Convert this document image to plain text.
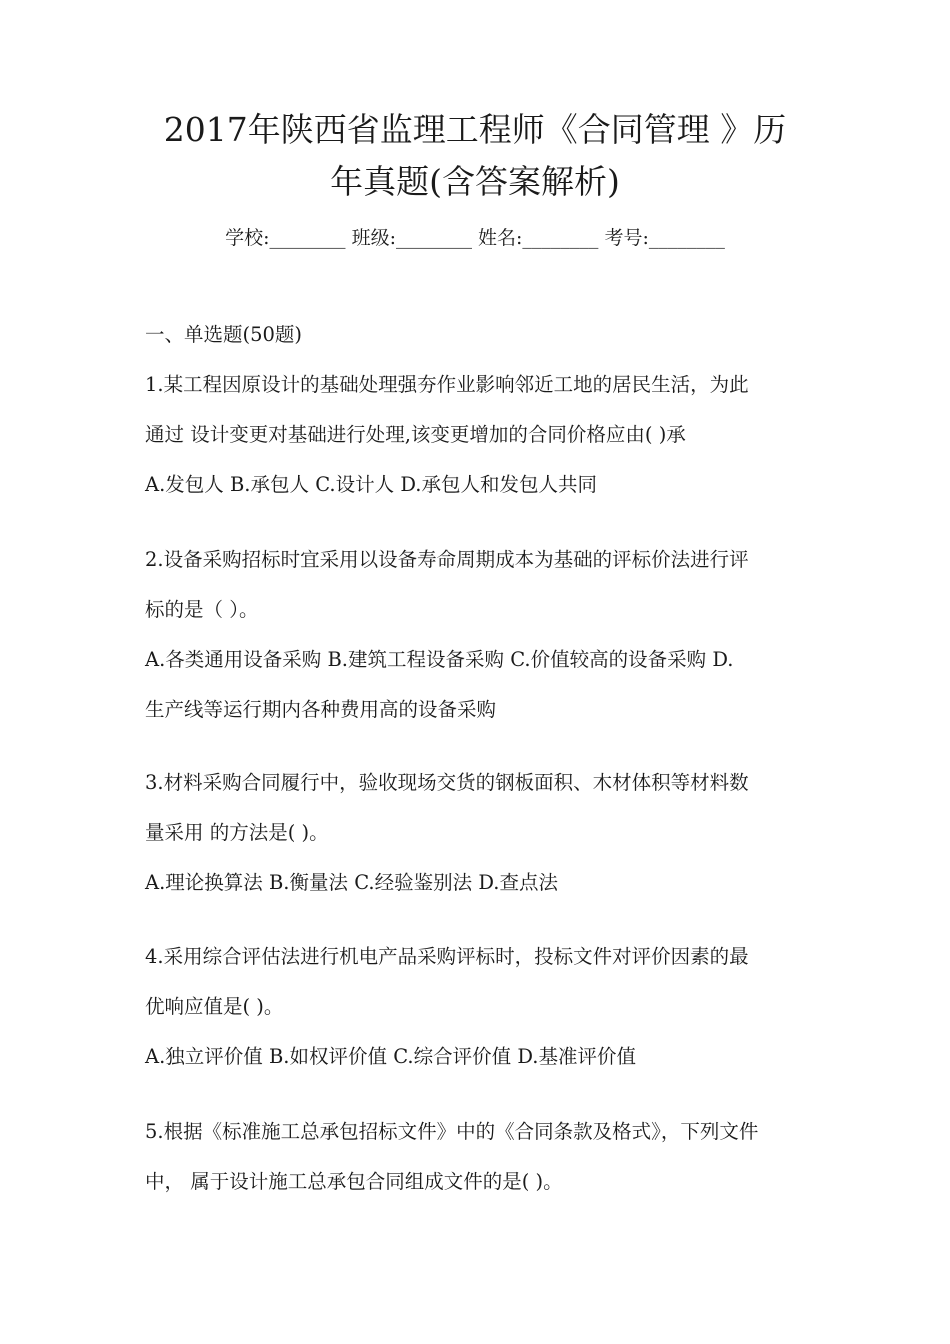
2017年陕西省监理工程师《合同管理 》历
年真题(含答案解析)
学校:________ 班级:________ 姓名:________ 考号:________
一、单选题(50题)
1.某工程因原设计的基础处理强夯作业影响邻近工地的居民生活，为此
通过 设计变更对基础进行处理,该变更增加的合同价格应由( )承
A.发包人 B.承包人 C.设计人 D.承包人和发包人共同
2.设备采购招标时宜采用以设备寿命周期成本为基础的评标价法进行评
标的是（ ）。
A.各类通用设备采购 B.建筑工程设备采购 C.价值较高的设备采购 D.
生产线等运行期内各种费用高的设备采购
3.材料采购合同履行中，验收现场交货的钢板面积、木材体积等材料数
量采用 的方法是( )。
A.理论换算法 B.衡量法 C.经验鉴别法 D.查点法
4.采用综合评估法进行机电产品采购评标时，投标文件对评价因素的最
优响应值是( )。
A.独立评价值 B.如权评价值 C.综合评价值 D.基准评价值
5.根据《标准施工总承包招标文件》中的《合同条款及格式》，下列文件
中， 属于设计施工总承包合同组成文件的是( )。
